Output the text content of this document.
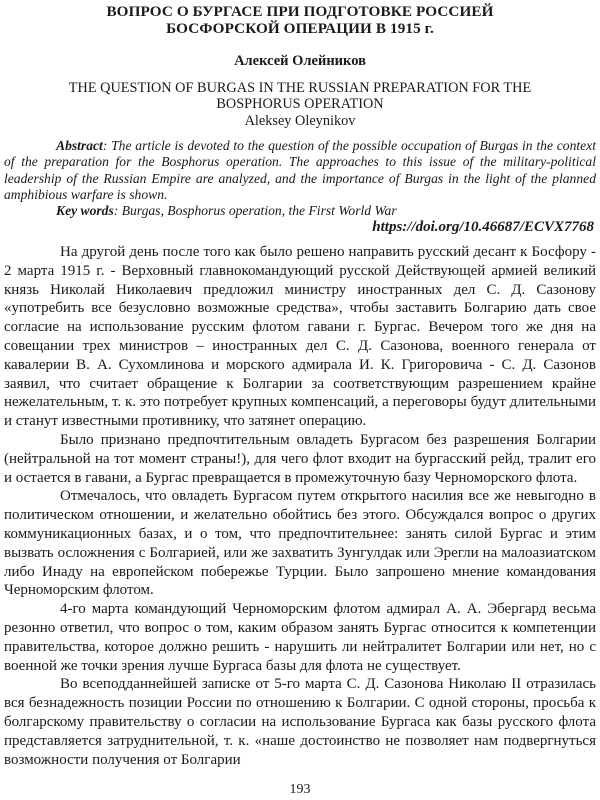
ВОПРОС О БУРГАСЕ ПРИ ПОДГОТОВКЕ РОССИЕЙ
БОСФОРСКОЙ ОПЕРАЦИИ В 1915 г.
Алексей Олейников
THE QUESTION OF BURGAS IN THE RUSSIAN PREPARATION FOR THE
BOSPHORUS OPERATION
Aleksey Oleynikov
Abstract: The article is devoted to the question of the possible occupation of Burgas in the context of the preparation for the Bosphorus operation. The approaches to this issue of the military-political leadership of the Russian Empire are analyzed, and the importance of Burgas in the light of the planned amphibious warfare is shown.
Key words: Burgas, Bosphorus operation, the First World War
https://doi.org/10.46687/ECVX7768

На другой день после того как было решено направить русский десант к Босфору - 2 марта 1915 г. - Верховный главнокомандующий русской Действующей армией великий князь Николай Николаевич предложил министру иностранных дел С. Д. Сазонову «употребить все безусловно возможные средства», чтобы заставить Болгарию дать свое согласие на использование русским флотом гавани г. Бургас. Вечером того же дня на совещании трех министров – иностранных дел С. Д. Сазонова, военного генерала от кавалерии В. А. Сухомлинова и морского адмирала И. К. Григоровича - С. Д. Сазонов заявил, что считает обращение к Болгарии за соответствующим разрешением крайне нежелательным, т. к. это потребует крупных компенсаций, а переговоры будут длительными и станут известными противнику, что затянет операцию.

Было признано предпочтительным овладеть Бургасом без разрешения Болгарии (нейтральной на тот момент страны!), для чего флот входит на бургасский рейд, тралит его и остается в гавани, а Бургас превращается в промежуточную базу Черноморского флота.

Отмечалось, что овладеть Бургасом путем открытого насилия все же невыгодно в политическом отношении, и желательно обойтись без этого. Обсуждался вопрос о других коммуникационных базах, и о том, что предпочтительнее: занять силой Бургас и этим вызвать осложнения с Болгарией, или же захватить Зунгулдак или Эрегли на малоазиатском либо Инаду на европейском побережье Турции. Было запрошено мнение командования Черноморским флотом.

4-го марта командующий Черноморским флотом адмирал А. А. Эбергард весьма резонно ответил, что вопрос о том, каким образом занять Бургас относится к компетенции правительства, которое должно решить - нарушить ли нейтралитет Болгарии или нет, но с военной же точки зрения лучше Бургаса базы для флота не существует.

Во всеподданнейшей записке от 5-го марта С. Д. Сазонова Николаю II отразилась вся безнадежность позиции России по отношению к Болгарии. С одной стороны, просьба к болгарскому правительству о согласии на использование Бургаса как базы русского флота представляется затруднительной, т. к. «наше достоинство не позволяет нам подвергнуться возможности получения от Болгарии

193
